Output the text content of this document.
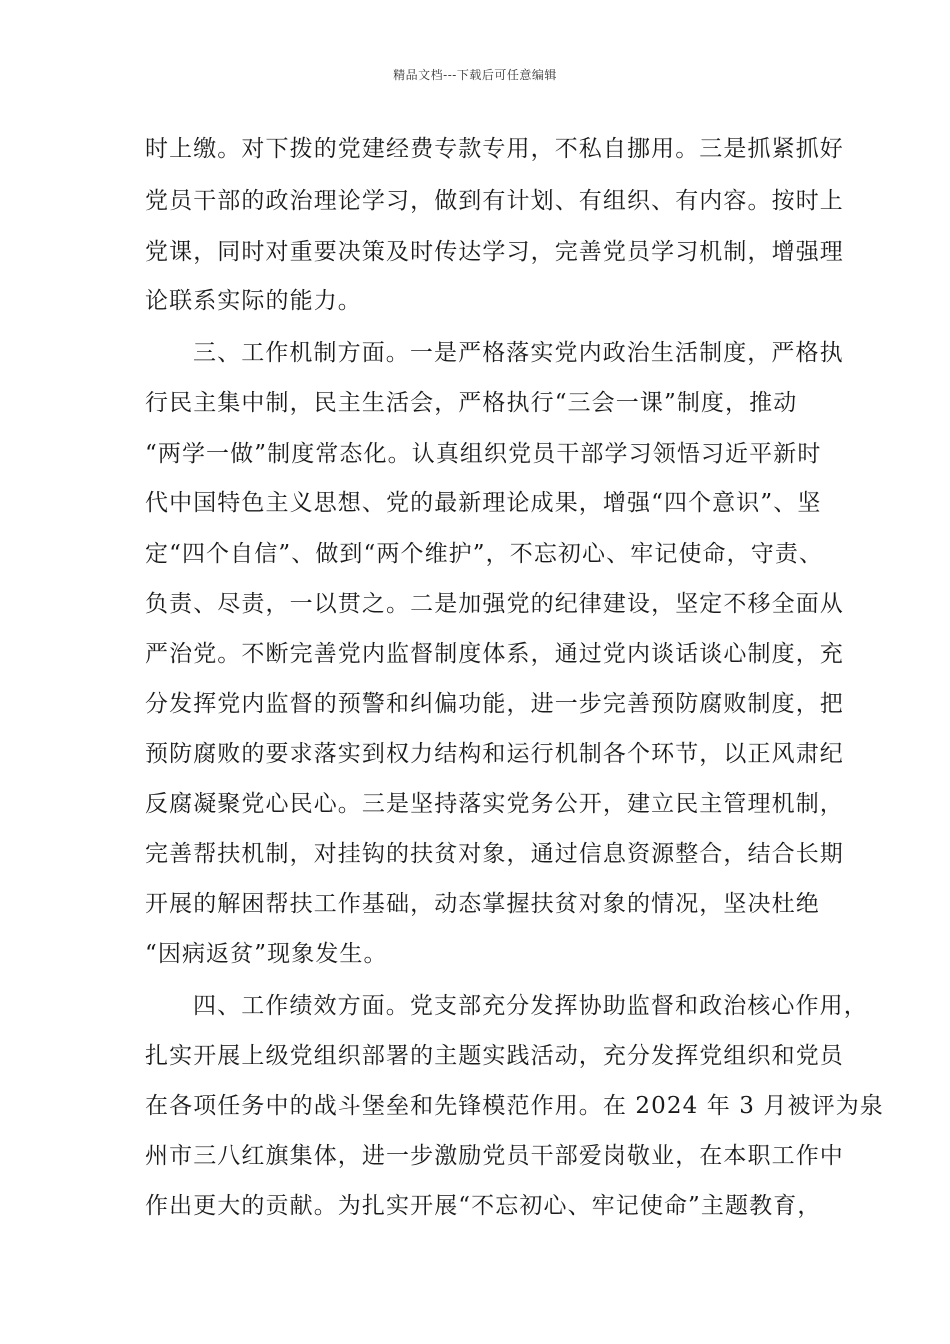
精品文档---下载后可任意编辑
时上缴。对下拨的党建经费专款专用，不私自挪用。三是抓紧抓好
党员干部的政治理论学习，做到有计划、有组织、有内容。按时上
党课，同时对重要决策及时传达学习，完善党员学习机制，增强理
论联系实际的能力。
三、工作机制方面。一是严格落实党内政治生活制度，严格执
行民主集中制，民主生活会，严格执行“三会一课”制度，推动
“两学一做”制度常态化。认真组织党员干部学习领悟习近平新时
代中国特色主义思想、党的最新理论成果，增强“四个意识”、坚
定“四个自信”、做到“两个维护”，不忘初心、牢记使命，守责、
负责、尽责，一以贯之。二是加强党的纪律建设，坚定不移全面从
严治党。不断完善党内监督制度体系，通过党内谈话谈心制度，充
分发挥党内监督的预警和纠偏功能，进一步完善预防腐败制度，把
预防腐败的要求落实到权力结构和运行机制各个环节，以正风肃纪
反腐凝聚党心民心。三是坚持落实党务公开，建立民主管理机制，
完善帮扶机制，对挂钩的扶贫对象，通过信息资源整合，结合长期
开展的解困帮扶工作基础，动态掌握扶贫对象的情况，坚决杜绝
“因病返贫”现象发生。
四、工作绩效方面。党支部充分发挥协助监督和政治核心作用，
扎实开展上级党组织部署的主题实践活动，充分发挥党组织和党员
在各项任务中的战斗堡垒和先锋模范作用。在 2024 年 3 月被评为泉
州市三八红旗集体，进一步激励党员干部爱岗敬业，在本职工作中
作出更大的贡献。为扎实开展“不忘初心、牢记使命”主题教育，
